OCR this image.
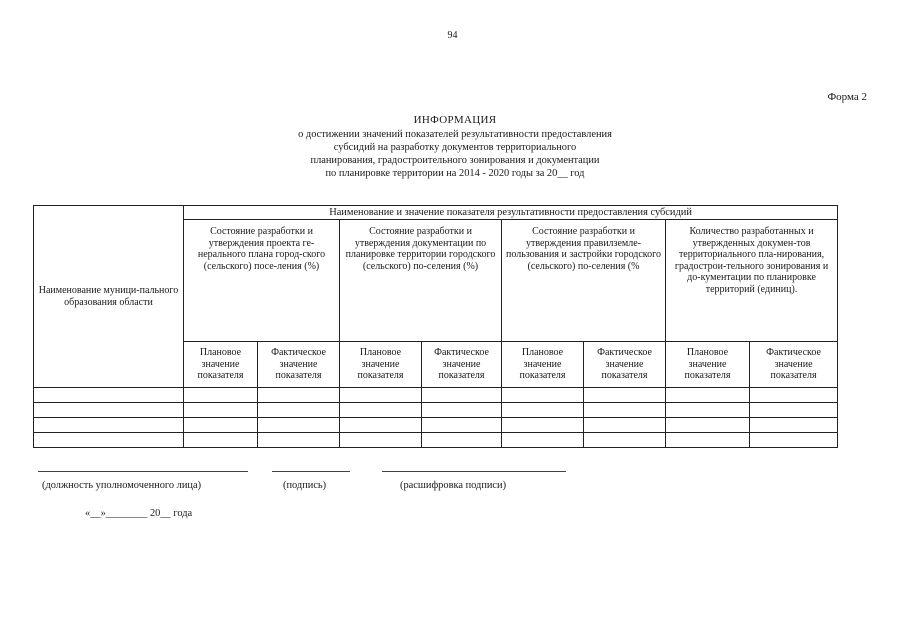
94
Форма 2
ИНФОРМАЦИЯ
о достижении значений показателей результативности предоставления
субсидий на разработку документов территориального
планирования, градостроительного зонирования и документации
по планировке территории на 2014 - 2020 годы за 20__ год
Наименование муници-пального образования области	Наименование и значение показателя результативности предоставления субсидий							
	Состояние разработки и утверждения проекта ге-нерального плана город-ского (сельского) посе-ления (%)		Состояние разработки и утверждения документации по планировке территории городского (сельского) по-селения (%)		Состояние разработки и утверждения правилземле-пользования и застройки городского (сельского) по-селения (%		Количество разработанных и утвержденных докумен-тов территориального пла-нирования, градострои-тельного зонирования и до-кументации по планировке территорий (единиц).	
	Плановое значение показателя	Фактическое значение показателя	Плановое значение показателя	Фактическое значение показателя	Плановое значение показателя	Фактическое значение показателя	Плановое значение показателя	Фактическое значение показателя

(должность уполномоченного лица)	(подпись)	(расшифровка подписи)
«__»________ 20__ года
